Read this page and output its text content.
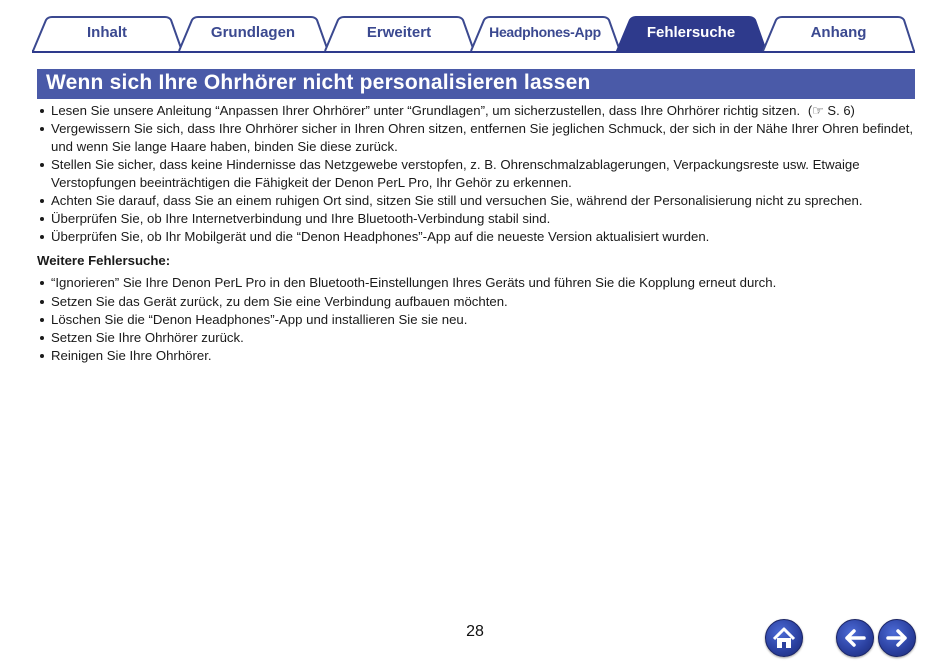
Inhalt	Grundlagen	Erweitert	Headphones-App	Fehlersuche	Anhang
Wenn sich Ihre Ohrhörer nicht personalisieren lassen
Lesen Sie unsere Anleitung “Anpassen Ihrer Ohrhörer” unter “Grundlagen”, um sicherzustellen, dass Ihre Ohrhörer richtig sitzen. (☞ S. 6)
Vergewissern Sie sich, dass Ihre Ohrhörer sicher in Ihren Ohren sitzen, entfernen Sie jeglichen Schmuck, der sich in der Nähe Ihrer Ohren befindet, und wenn Sie lange Haare haben, binden Sie diese zurück.
Stellen Sie sicher, dass keine Hindernisse das Netzgewebe verstopfen, z. B. Ohrenschmalzablagerungen, Verpackungsreste usw. Etwaige Verstopfungen beeinträchtigen die Fähigkeit der Denon PerL Pro, Ihr Gehör zu erkennen.
Achten Sie darauf, dass Sie an einem ruhigen Ort sind, sitzen Sie still und versuchen Sie, während der Personalisierung nicht zu sprechen.
Überprüfen Sie, ob Ihre Internetverbindung und Ihre Bluetooth-Verbindung stabil sind.
Überprüfen Sie, ob Ihr Mobilgerät und die “Denon Headphones”-App auf die neueste Version aktualisiert wurden.
Weitere Fehlersuche:
“Ignorieren” Sie Ihre Denon PerL Pro in den Bluetooth-Einstellungen Ihres Geräts und führen Sie die Kopplung erneut durch.
Setzen Sie das Gerät zurück, zu dem Sie eine Verbindung aufbauen möchten.
Löschen Sie die “Denon Headphones”-App und installieren Sie sie neu.
Setzen Sie Ihre Ohrhörer zurück.
Reinigen Sie Ihre Ohrhörer.
28
